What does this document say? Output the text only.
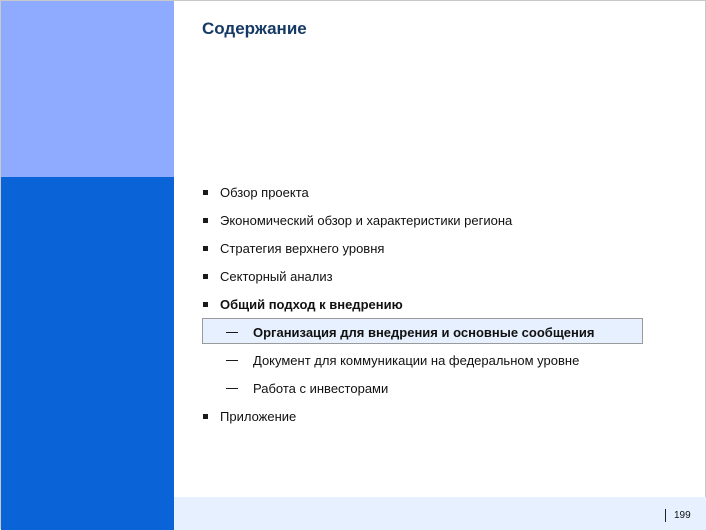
Содержание
Обзор проекта
Экономический обзор и характеристики региона
Стратегия верхнего уровня
Секторный анализ
Общий подход к внедрению
Организация для внедрения и основные сообщения
Документ для коммуникации на федеральном уровне
Работа с инвесторами
Приложение
199
